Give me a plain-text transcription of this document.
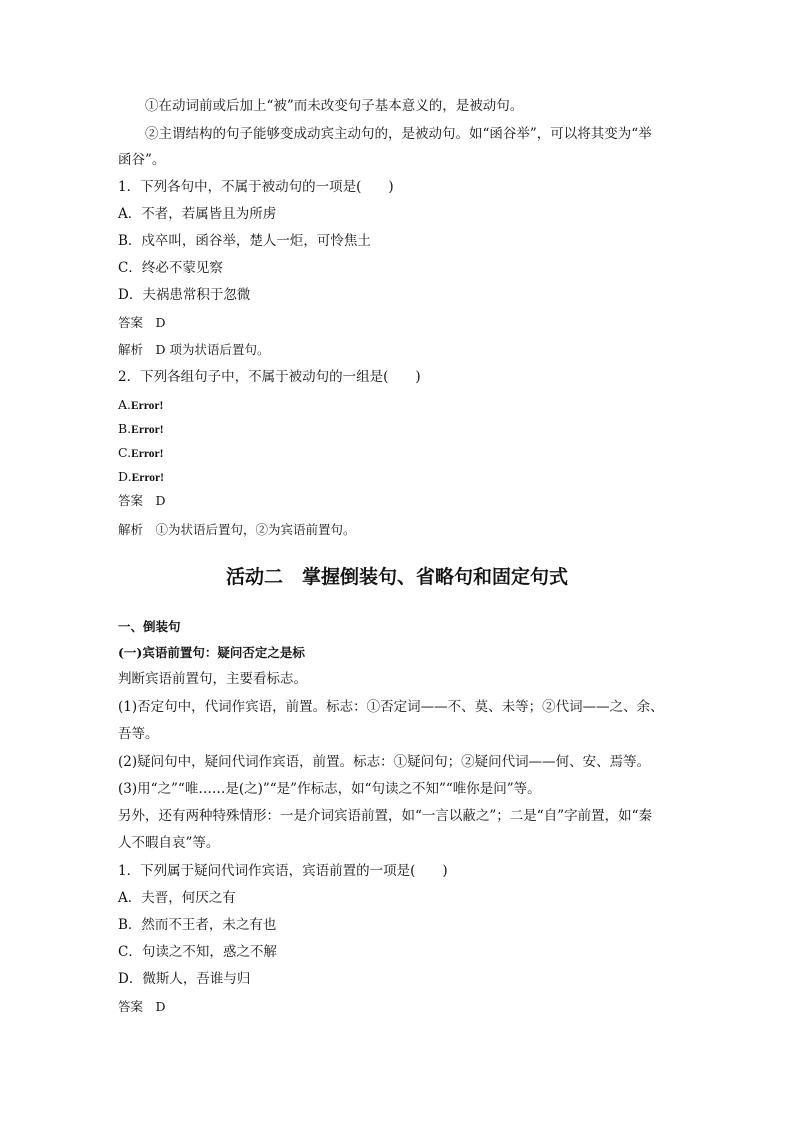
①在动词前或后加上“被”而未改变句子基本意义的，是被动句。
②主谓结构的句子能够变成动宾主动句的，是被动句。如“函谷举”，可以将其变为“举
函谷”。
1．下列各句中，不属于被动句的一项是(　　)
A．不者，若属皆且为所虏
B．戍卒叫，函谷举，楚人一炬，可怜焦土
C．终必不蒙见察
D．夫祸患常积于忽微
答案　D
解析　D 项为状语后置句。
2．下列各组句子中，不属于被动句的一组是(　　)
A.Error!
B.Error!
C.Error!
D.Error!
答案　D
解析　①为状语后置句，②为宾语前置句。
活动二　掌握倒装句、省略句和固定句式
一、倒装句
(一)宾语前置句：疑问否定之是标
判断宾语前置句，主要看标志。
(1)否定句中，代词作宾语，前置。标志：①否定词——不、莫、未等；②代词——之、余、
吾等。
(2)疑问句中，疑问代词作宾语，前置。标志：①疑问句；②疑问代词——何、安、焉等。
(3)用“之”“唯……是(之)”“是”作标志，如“句读之不知”“唯你是问”等。
另外，还有两种特殊情形：一是介词宾语前置，如“一言以蔽之”；二是“自”字前置，如“秦
人不暇自哀”等。
1．下列属于疑问代词作宾语，宾语前置的一项是(　　)
A．夫晋，何厌之有
B．然而不王者，未之有也
C．句读之不知，惑之不解
D．微斯人，吾谁与归
答案　D
